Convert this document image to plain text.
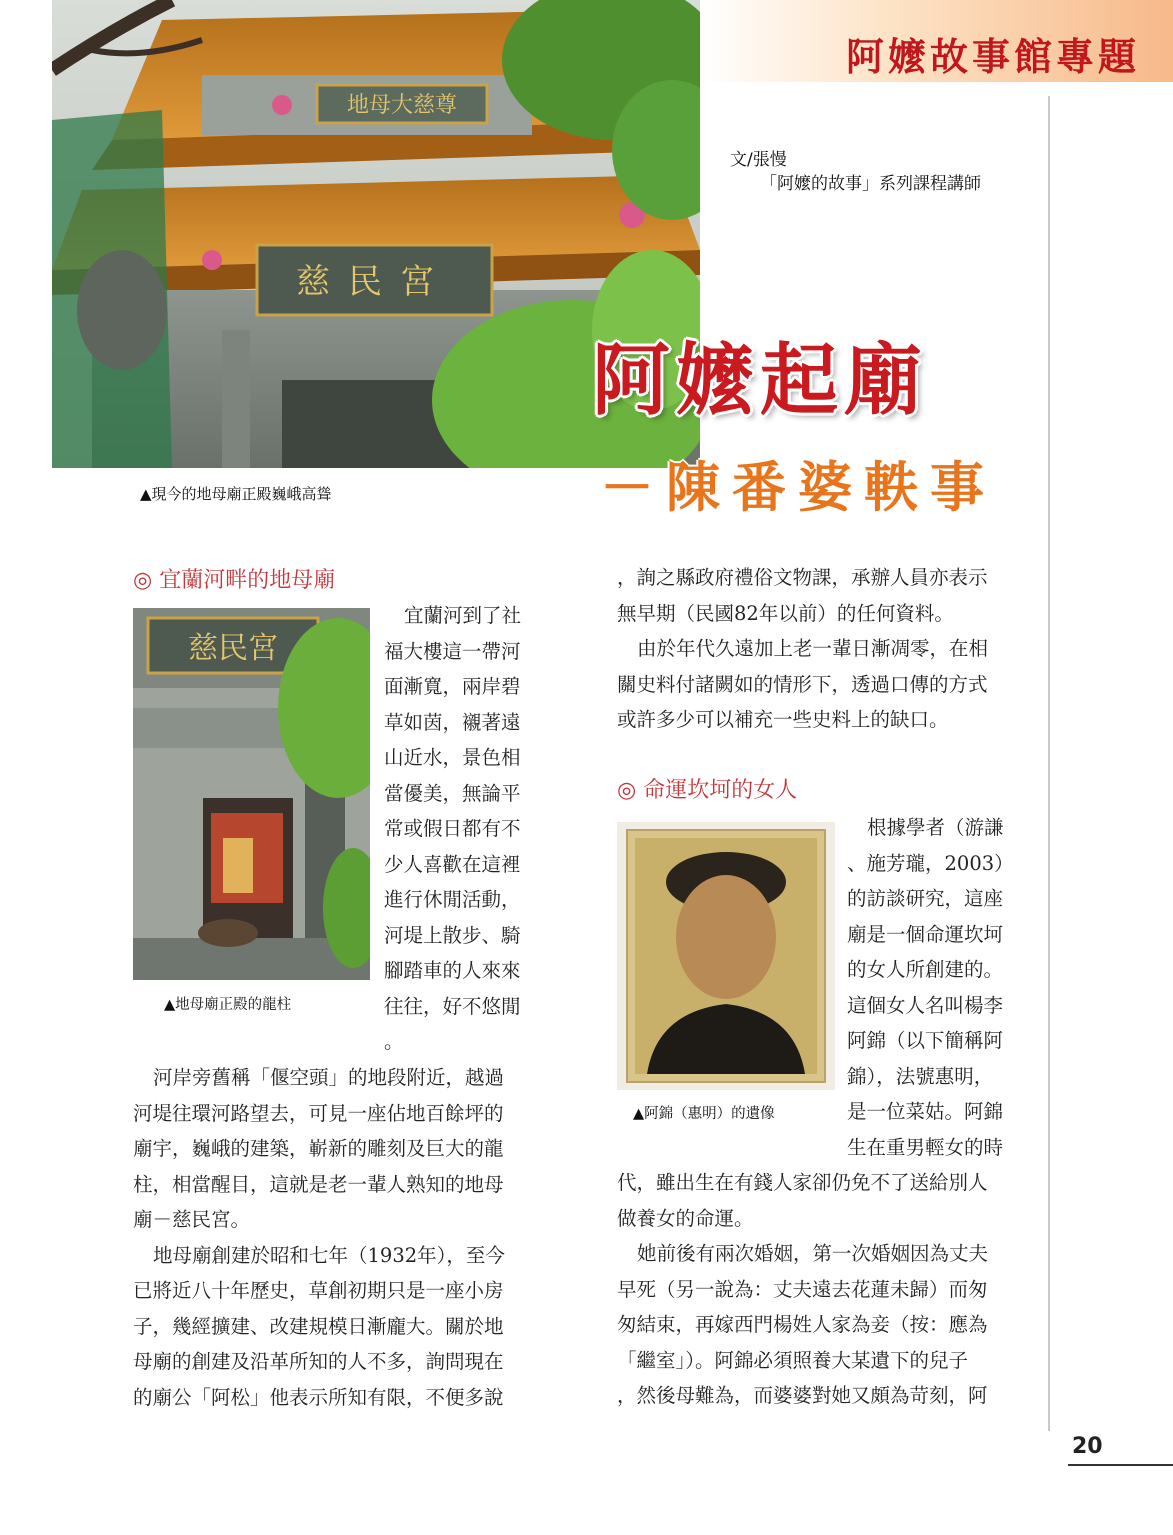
阿嬤故事館專題
地母大慈尊
慈民宮
▲現今的地母廟正殿巍峨高聳
文/張慢
「阿嬤的故事」系列課程講師
阿嬤起廟
－陳番婆軼事
◎ 宜蘭河畔的地母廟
慈民宮
▲地母廟正殿的龍柱
宜蘭河到了社
福大樓這一帶河
面漸寬，兩岸碧
草如茵，襯著遠
山近水，景色相
當優美，無論平
常或假日都有不
少人喜歡在這裡
進行休閒活動，
河堤上散步、騎
腳踏車的人來來
往往，好不悠閒
。
河岸旁舊稱「偃空頭」的地段附近，越過
河堤往環河路望去，可見一座佔地百餘坪的
廟宇，巍峨的建築，嶄新的雕刻及巨大的龍
柱，相當醒目，這就是老一輩人熟知的地母
廟－慈民宮。
地母廟創建於昭和七年（1932年），至今
已將近八十年歷史，草創初期只是一座小房
子，幾經擴建、改建規模日漸龐大。關於地
母廟的創建及沿革所知的人不多，詢問現在
的廟公「阿松」他表示所知有限，不便多說
，詢之縣政府禮俗文物課，承辦人員亦表示
無早期（民國82年以前）的任何資料。
由於年代久遠加上老一輩日漸凋零，在相
關史料付諸闕如的情形下，透過口傳的方式
或許多少可以補充一些史料上的缺口。
◎ 命運坎坷的女人
▲阿錦（惠明）的遺像
根據學者（游謙
、施芳瓏，2003）
的訪談研究，這座
廟是一個命運坎坷
的女人所創建的。
這個女人名叫楊李
阿錦（以下簡稱阿
錦），法號惠明，
是一位菜姑。阿錦
生在重男輕女的時
代，雖出生在有錢人家卻仍免不了送給別人
做養女的命運。
她前後有兩次婚姻，第一次婚姻因為丈夫
早死（另一說為：丈夫遠去花蓮未歸）而匆
匆結束，再嫁西門楊姓人家為妾（按：應為
「繼室」）。阿錦必須照養大某遺下的兒子
，然後母難為，而婆婆對她又頗為苛刻，阿
20
